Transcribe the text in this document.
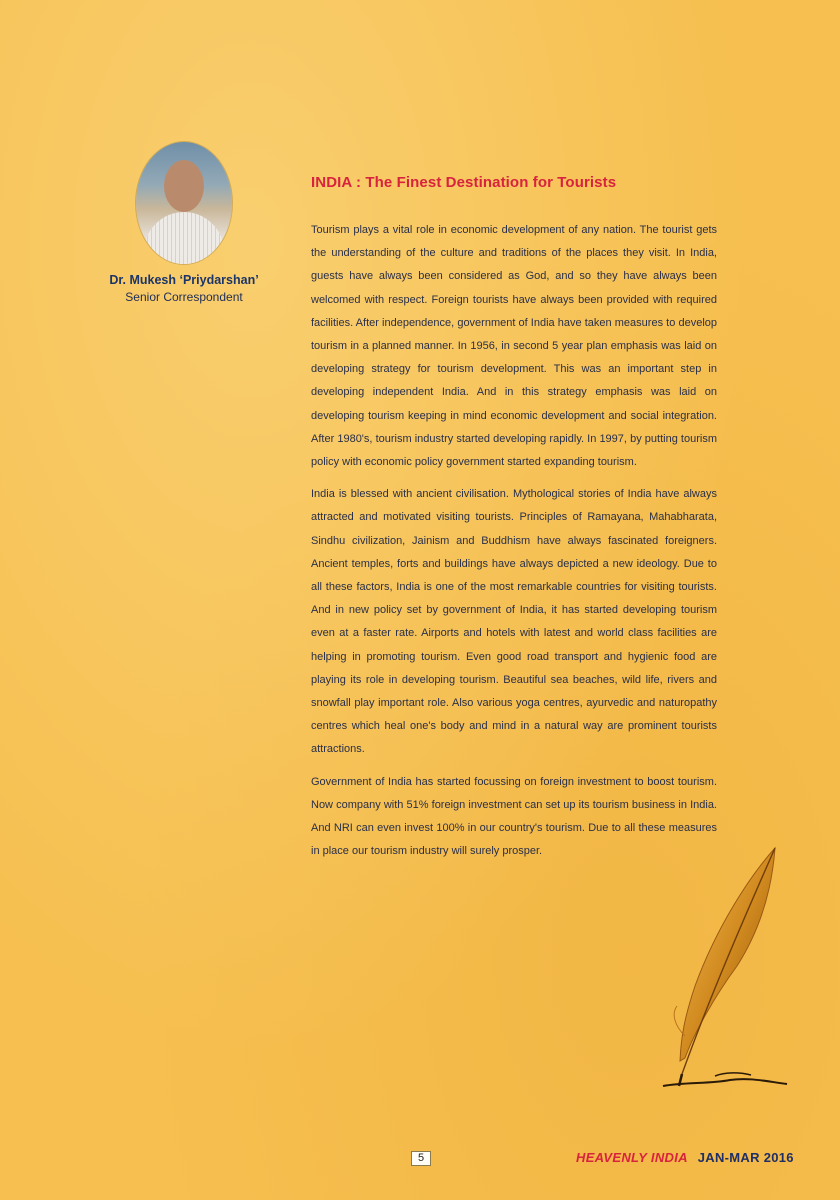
Dr. Mukesh ‘Priydarshan’
Senior Correspondent
INDIA : The Finest Destination for Tourists

Tourism plays a vital role in economic development of any nation. The tourist gets the understanding of the culture and traditions of the places they visit. In India, guests have always been considered as God, and so they have always been welcomed with respect. Foreign tourists have always been provided with required facilities. After independence, government of India have taken measures to develop tourism in a planned manner. In 1956, in second 5 year plan emphasis was laid on developing strategy for tourism development. This was an important step in developing independent India. And in this strategy emphasis was laid on developing tourism keeping in mind economic development and social integration. After 1980's, tourism industry started developing rapidly. In 1997, by putting tourism policy with economic policy government started expanding tourism.

India is blessed with ancient civilisation. Mythological stories of India have always attracted and motivated visiting tourists. Principles of Ramayana, Mahabharata, Sindhu civilization, Jainism and Buddhism have always fascinated foreigners. Ancient temples, forts and buildings have always depicted a new ideology. Due to all these factors, India is one of the most remarkable countries for visiting tourists. And in new policy set by government of India, it has started developing tourism even at a faster rate. Airports and hotels with latest and world class facilities are helping in promoting tourism. Even good road transport and hygienic food are playing its role in developing tourism. Beautiful sea beaches, wild life, rivers and snowfall play important role. Also various yoga centres, ayurvedic and naturopathy centres which heal one's body and mind in a natural way are prominent tourists attractions.

Government of India has started focussing on foreign investment to boost tourism. Now company with 51% foreign investment can set up its tourism business in India. And NRI can even invest 100% in our country's tourism. Due to all these measures in place our tourism industry will surely prosper.

5	HEAVENLY INDIA JAN-MAR 2016
